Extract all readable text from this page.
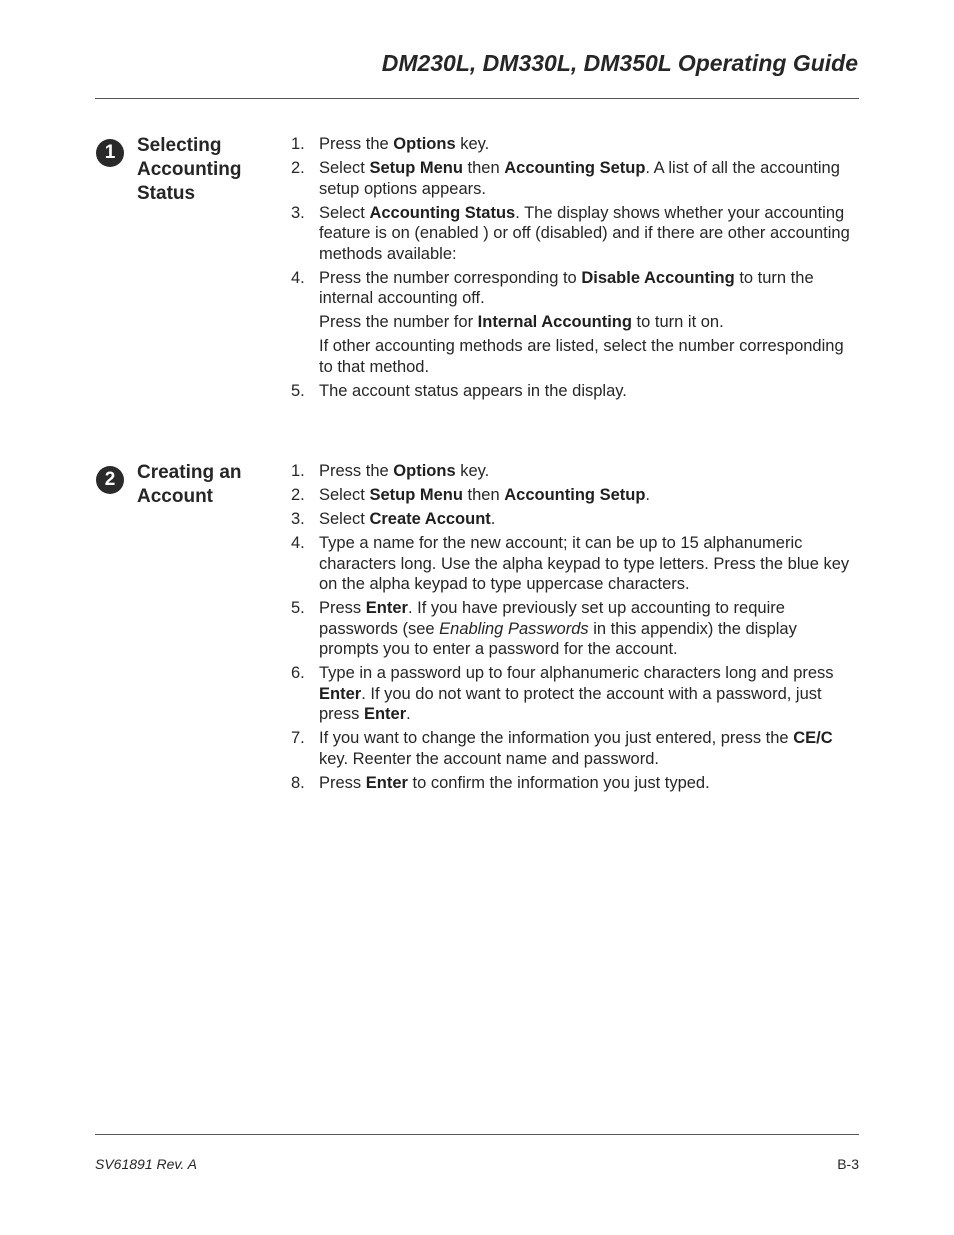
DM230L, DM330L, DM350L Operating Guide
1	Selecting Accounting Status
1. Press the Options key.

2. Select Setup Menu then Accounting Setup. A list of all the accounting setup options appears.

3. Select Accounting Status. The display shows whether your accounting feature is on (enabled ) or off (disabled) and if there are other accounting methods available:

4. Press the number corresponding to Disable Accounting to turn the internal accounting off.

Press the number for Internal Accounting to turn it on.

If other accounting methods are listed, select the number corresponding to that method.

5. The account status appears in the display.

2	Creating an Account
1. Press the Options key.

2. Select Setup Menu then Accounting Setup.

3. Select Create Account.

4. Type a name for the new account; it can be up to 15 alphanumeric characters long. Use the alpha keypad to type letters. Press the blue key on the alpha keypad to type uppercase characters.

5. Press Enter. If you have previously set up accounting to require passwords (see Enabling Passwords in this appendix) the display prompts you to enter a password for the account.

6. Type in a password up to four alphanumeric characters long and press Enter. If you do not want to protect the account with a password, just press Enter.

7. If you want to change the information you just entered, press the CE/C key. Reenter the account name and password.

8. Press Enter to confirm the information you just typed.

SV61891 Rev. A	B-3
